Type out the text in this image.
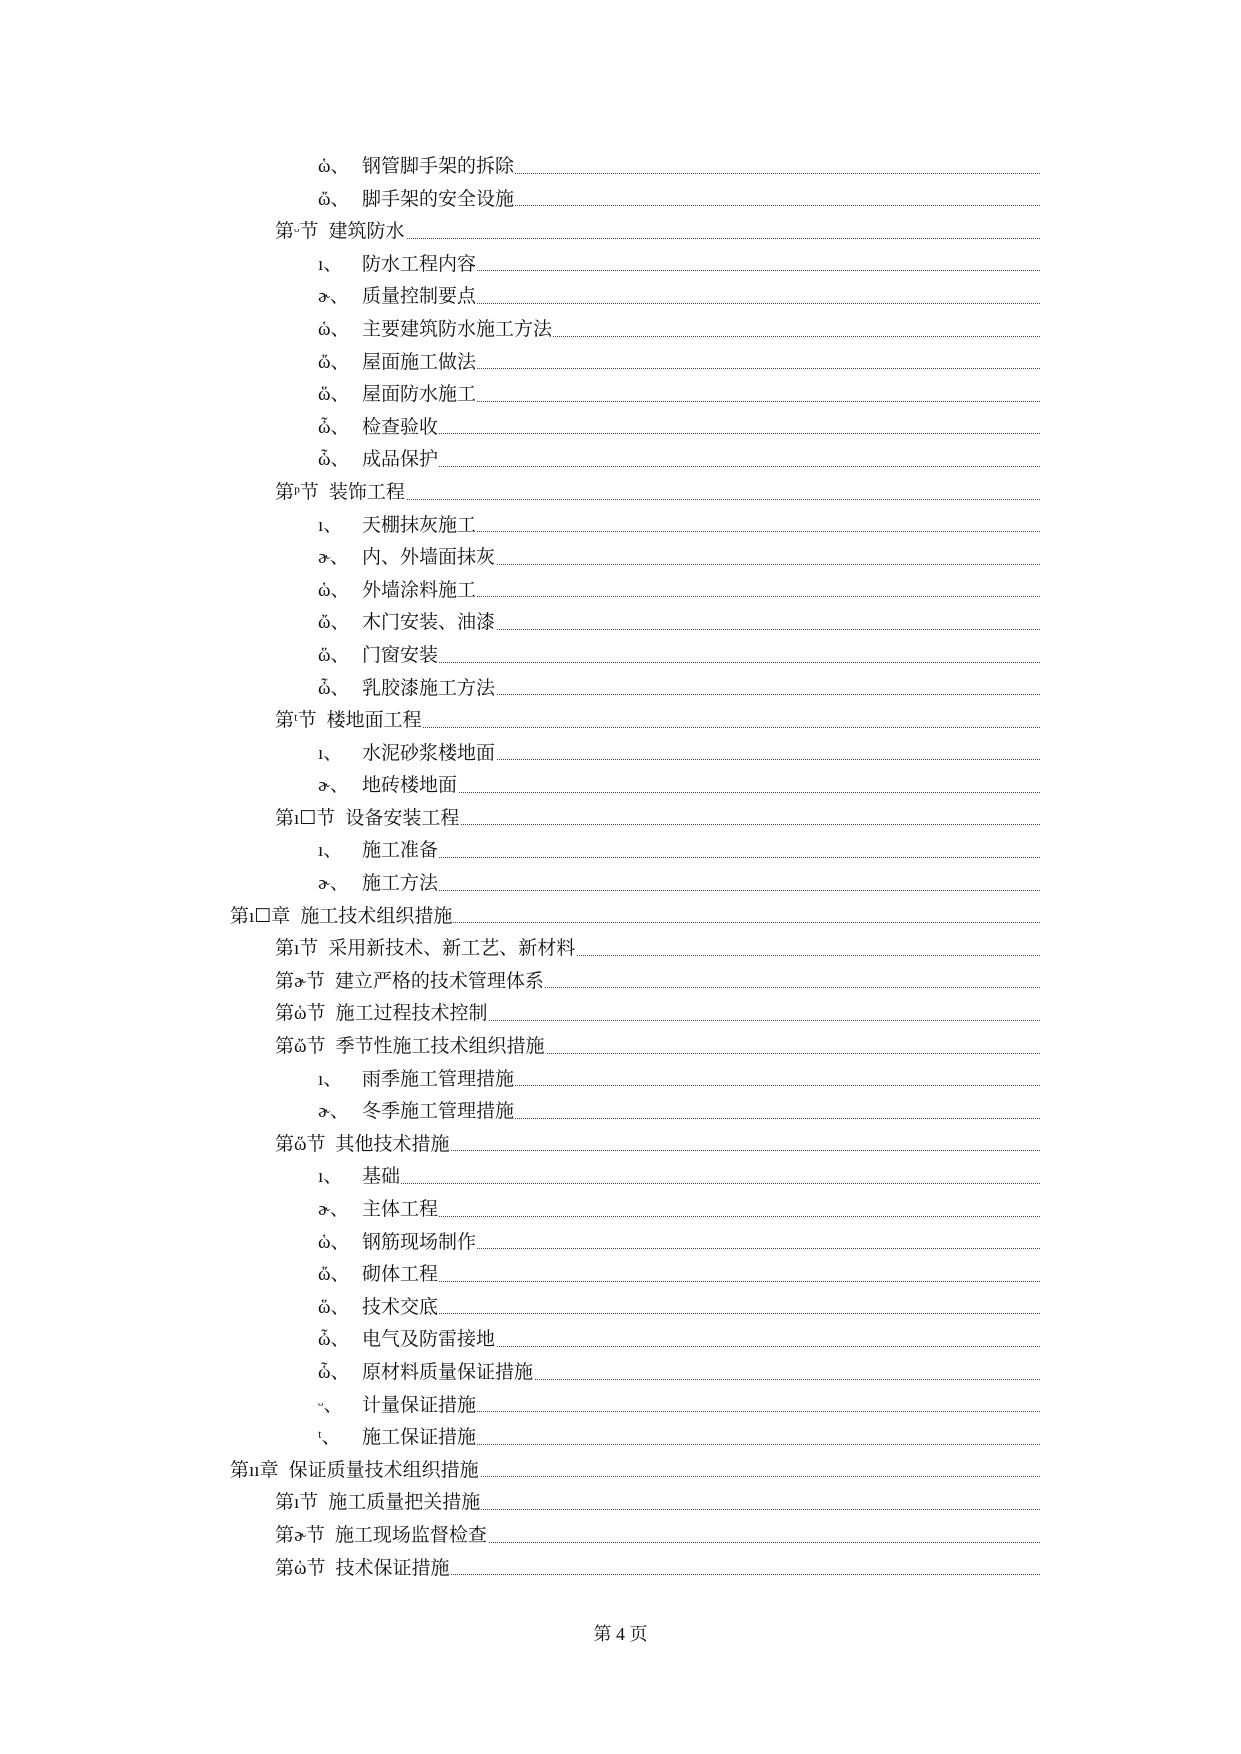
ὡ、 钢管脚手架的拆除
ὤ、 脚手架的安全设施
第ᵕ节 建筑防水
ı、	防水工程内容
ɚ、 质量控制要点
ὡ、 主要建筑防水施工方法
ὤ、 屋面施工做法
ὥ、 屋面防水施工
ὦ、 检查验收
ὧ、 成品保护
第ᵖ节 装饰工程
ı、	天棚抹灰施工
ɚ、 内、外墙面抹灰
ὡ、 外墙涂料施工
ὤ、 木门安装、油漆
ὥ、 门窗安装
ὦ、 乳胶漆施工方法
第ᵗ节 楼地面工程
ı、	水泥砂浆楼地面
ɚ、 地砖楼地面
第ı☐节 设备安装工程
ı、	施工准备
ɚ、 施工方法
第ı☐章 施工技术组织措施
第ı节 采用新技术、新工艺、新材料
第ɚ节 建立严格的技术管理体系
第ὡ节 施工过程技术控制
第ὤ节 季节性施工技术组织措施
ı、	雨季施工管理措施
ɚ、 冬季施工管理措施
第ὥ节 其他技术措施
ı、	基础
ɚ、 主体工程
ὡ、 钢筋现场制作
ὤ、 砌体工程
ὥ、 技术交底
ὦ、 电气及防雷接地
ὧ、 原材料质量保证措施
ᵕ、	计量保证措施
ᵗ、	施工保证措施
第ıı章 保证质量技术组织措施
第ı节 施工质量把关措施
第ɚ节 施工现场监督检查
第ὡ节 技术保证措施
第 4 页
